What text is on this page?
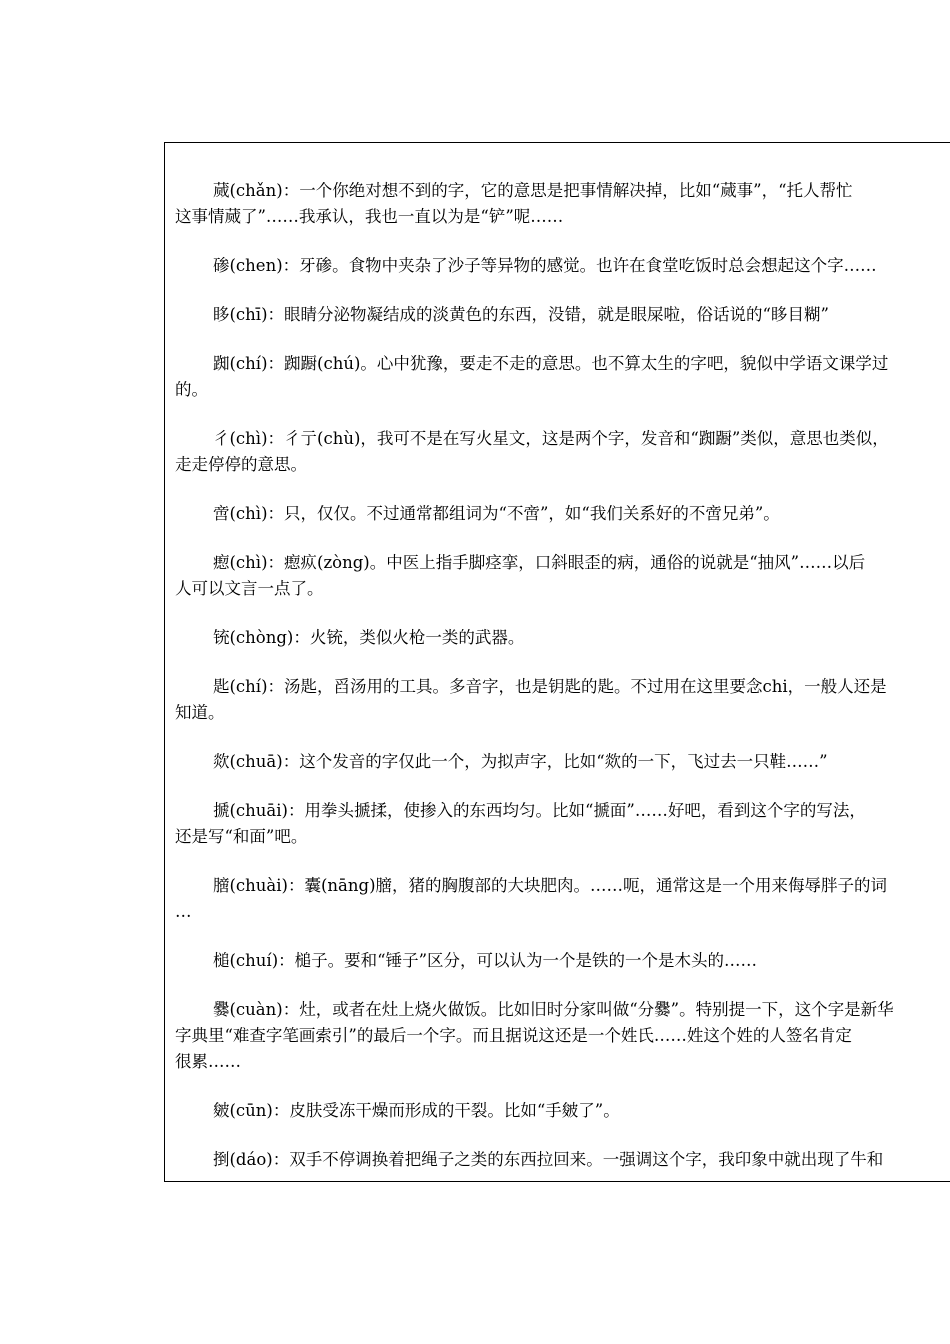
蒇(chǎn)：一个你绝对想不到的字，它的意思是把事情解决掉，比如“蒇事”，“托人帮忙
这事情蒇了”……我承认，我也一直以为是“铲”呢……
碜(chen)：牙碜。食物中夹杂了沙子等异物的感觉。也许在食堂吃饭时总会想起这个字……
眵(chī)：眼睛分泌物凝结成的淡黄色的东西，没错，就是眼屎啦，俗话说的“眵目糊”
踟(chí)：踟蹰(chú)。心中犹豫，要走不走的意思。也不算太生的字吧，貌似中学语文课学过
的。
彳(chì)：彳亍(chù)，我可不是在写火星文，这是两个字，发音和“踟蹰”类似，意思也类似，
走走停停的意思。
啻(chì)：只，仅仅。不过通常都组词为“不啻”，如“我们关系好的不啻兄弟”。
瘛(chì)：瘛疭(zòng)。中医上指手脚痉挛，口斜眼歪的病，通俗的说就是“抽风”……以后
人可以文言一点了。
铳(chòng)：火铳，类似火枪一类的武器。
匙(chí)：汤匙，舀汤用的工具。多音字，也是钥匙的匙。不过用在这里要念chi，一般人还是
知道。
欻(chuā)：这个发音的字仅此一个，为拟声字，比如“欻的一下，飞过去一只鞋……”
搋(chuāi)：用拳头搋揉，使掺入的东西均匀。比如“搋面”……好吧，看到这个字的写法，
还是写“和面”吧。
膪(chuài)：囊(nāng)膪，猪的胸腹部的大块肥肉。……呃，通常这是一个用来侮辱胖子的词
…
槌(chuí)：槌子。要和“锤子”区分，可以认为一个是铁的一个是木头的……
爨(cuàn)：灶，或者在灶上烧火做饭。比如旧时分家叫做“分爨”。特别提一下，这个字是新华
字典里“难查字笔画索引”的最后一个字。而且据说这还是一个姓氏……姓这个姓的人签名肯定
很累……
皴(cūn)：皮肤受冻干燥而形成的干裂。比如“手皴了”。
捯(dáo)：双手不停调换着把绳子之类的东西拉回来。一强调这个字，我印象中就出现了牛和
